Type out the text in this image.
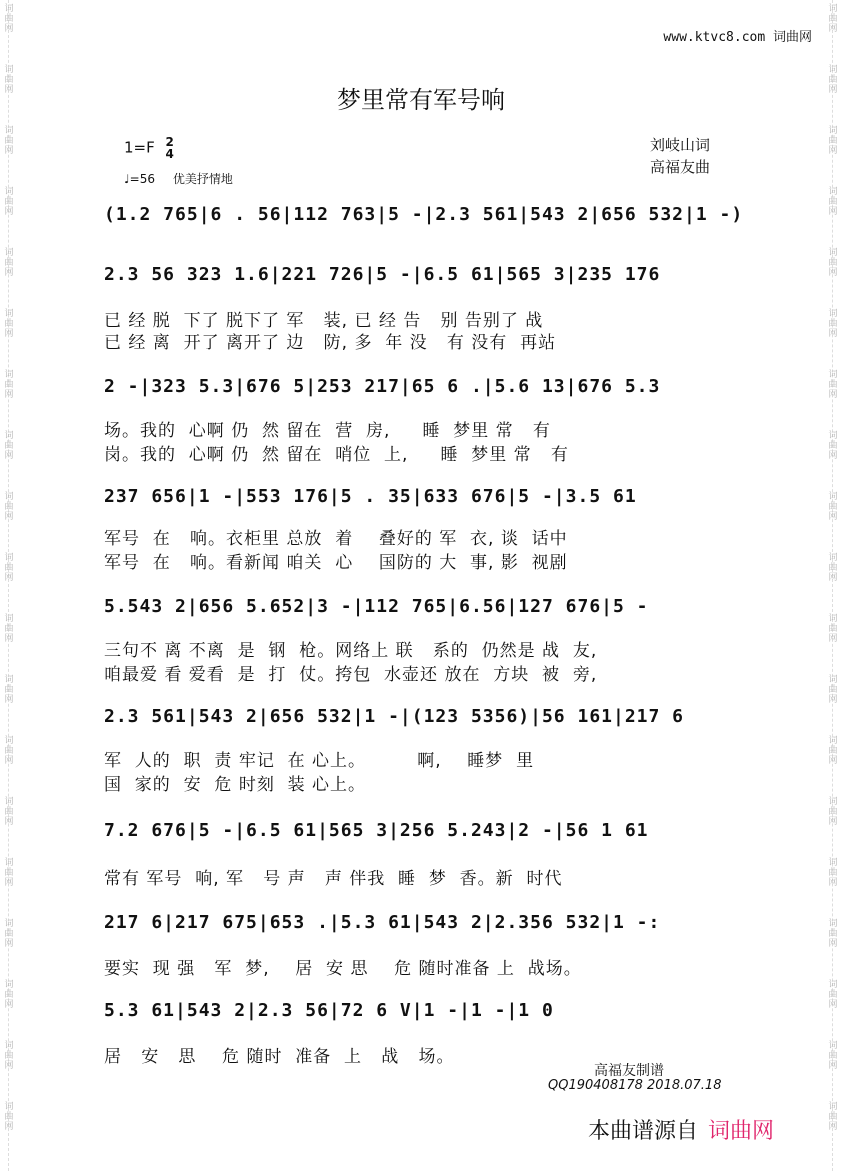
词
曲
网
词
曲
网
词
曲
网
词
曲
网
词
曲
网
词
曲
网
词
曲
网
词
曲
网
词
曲
网
词
曲
网
词
曲
网
词
曲
网
词
曲
网
词
曲
网
词
曲
网
词
曲
网
词
曲
网
词
曲
网
词
曲
网
词
曲
网
词
曲
网
词
曲
网
词
曲
网
词
曲
网
词
曲
网
词
曲
网
词
曲
网
词
曲
网
词
曲
网
词
曲
网
词
曲
网
词
曲
网
词
曲
网
词
曲
网
词
曲
网
词
曲
网
词
曲
网
词
曲
网
www.ktvc8.com 词曲网
梦里常有军号响
1=F 2
4
♩=56 优美抒情地
刘岐山词
高福友曲
(1.2 765|6 . 56|112 763|5 -|2.3 561|543 2|656 532|1 -)
2.3 56 323 1.6|221 726|5 -|6.5 61|565 3|235 176
已 经 脱  下了 脱下了 军   装, 已 经 告   别 告别了 战
已 经 离  开了 离开了 边   防, 多  年 没   有 没有  再站
2 -|323 5.3|676 5|253 217|65 6 .|5.6 13|676 5.3
场。我的  心啊 仍  然 留在  营  房,     睡  梦里 常   有
岗。我的  心啊 仍  然 留在  哨位  上,     睡  梦里 常   有
237 656|1 -|553 176|5 . 35|633 676|5 -|3.5 61
军号  在   响。衣柜里 总放  着    叠好的 军  衣, 谈  话中
军号  在   响。看新闻 咱关  心    国防的 大  事, 影  视剧
5.543 2|656 5.652|3 -|112 765|6.56|127 676|5 -
三句不 离 不离  是  钢  枪。网络上 联   系的  仍然是 战  友,
咱最爱 看 爱看  是  打  仗。挎包  水壶还 放在  方块  被  旁,
2.3 561|543 2|656 532|1 -|(123 5356)|56 161|217 6
军  人的  职  责 牢记  在 心上。        啊,    睡梦  里
国  家的  安  危 时刻  装 心上。
7.2 676|5 -|6.5 61|565 3|256 5.243|2 -|56 1 61
常有 军号  响, 军   号 声   声 伴我  睡  梦  香。新  时代
217 6|217 675|653 .|5.3 61|543 2|2.356 532|1 -:
要实  现 强   军  梦,    居  安 思    危 随时准备 上  战场。
5.3 61|543 2|2.3 56|72 6 V|1 -|1 -|1 0
居   安   思    危 随时  准备  上   战   场。
高福友制谱
QQ190408178 2018.07.18
本曲谱源自 词曲网
